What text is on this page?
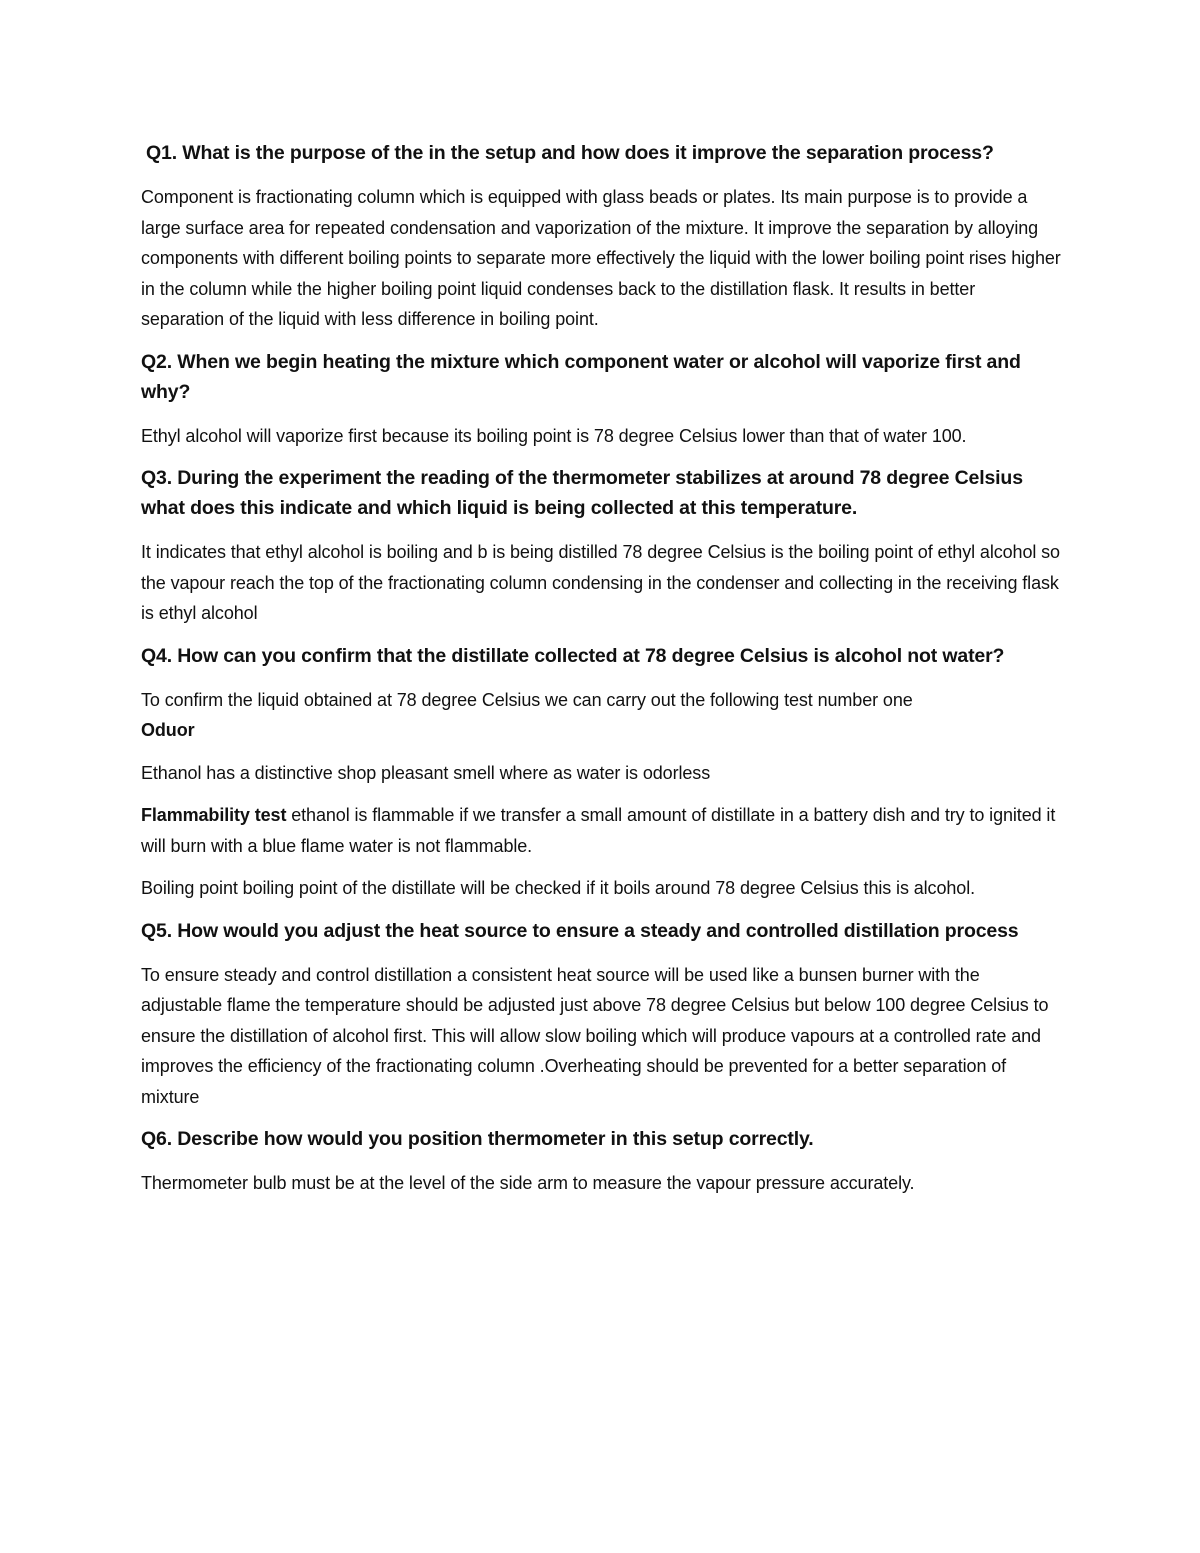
Q1. What is the purpose of the in the setup and how does it improve the separation process?

Component is fractionating column which is equipped with glass beads or plates. Its main purpose is to provide a large surface area for repeated condensation and vaporization of the mixture. It improve the separation by alloying components with different boiling points to separate more effectively the liquid with the lower boiling point rises higher in the column while the higher boiling point liquid condenses back to the distillation flask. It results in better separation of the liquid with less difference in boiling point.

Q2. When we begin heating the mixture which component water or alcohol will vaporize first and why?

Ethyl alcohol will vaporize first because its boiling point is 78 degree Celsius lower than that of water 100.

Q3. During the experiment the reading of the thermometer stabilizes at around 78 degree Celsius what does this indicate and which liquid is being collected at this temperature.

It indicates that ethyl alcohol is boiling and b is being distilled 78 degree Celsius is the boiling point of ethyl alcohol so the vapour reach the top of the fractionating column condensing in the condenser and collecting in the receiving flask is ethyl alcohol

Q4. How can you confirm that the distillate collected at 78 degree Celsius is alcohol not water?

To confirm the liquid obtained at 78 degree Celsius we can carry out the following test number one
Oduor

Ethanol has a distinctive shop pleasant smell where as water is odorless

Flammability test ethanol is flammable if we transfer a small amount of distillate in a battery dish and try to ignited it will burn with a blue flame water is not flammable.

Boiling point boiling point of the distillate will be checked if it boils around 78 degree Celsius this is alcohol.

Q5. How would you adjust the heat source to ensure a steady and controlled distillation process

To ensure steady and control distillation a consistent heat source will be used like a bunsen burner with the adjustable flame the temperature should be adjusted just above 78 degree Celsius but below 100 degree Celsius to ensure the distillation of alcohol first. This will allow slow boiling which will produce vapours at a controlled rate and improves the efficiency of the fractionating column .Overheating should be prevented for a better separation of mixture

Q6. Describe how would you position thermometer in this setup correctly.

Thermometer bulb must be at the level of the side arm to measure the vapour pressure accurately.
